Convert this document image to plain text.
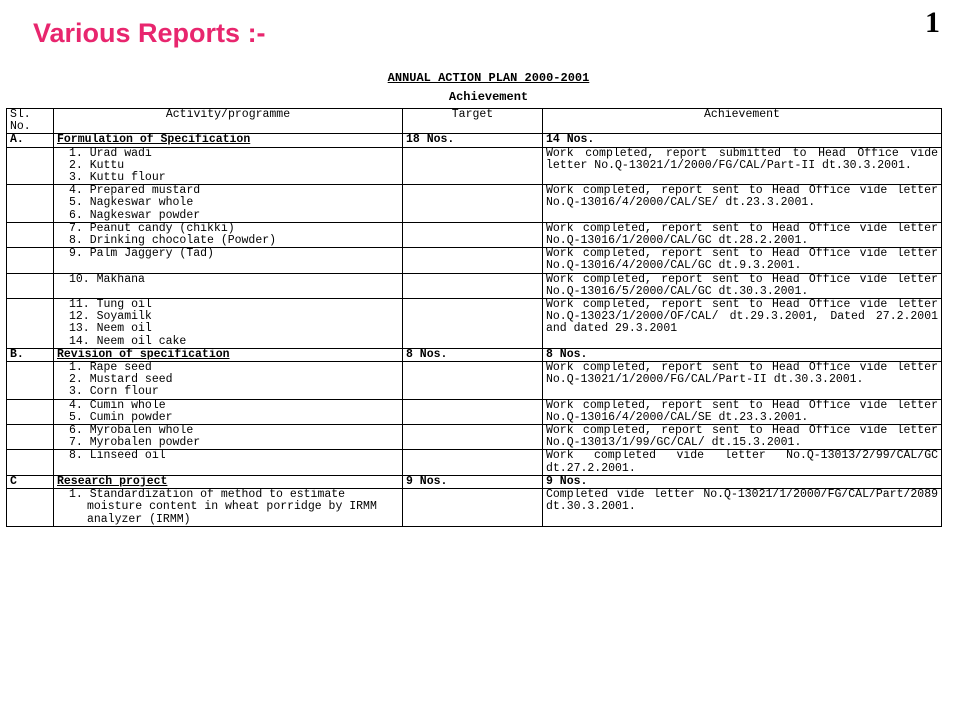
Various Reports :-	1
ANNUAL ACTION PLAN 2000-2001
Achievement
Sl. No.	Activity/programme	Target	Achievement
A.	Formulation of Specification	18 Nos.	14 Nos.

	1. Urad wadi
2. Kuttu
3. Kuttu flour		Work completed, report submitted to Head Office vide letter No.Q-13021/1/2000/FG/CAL/Part-II dt.30.3.2001.

	4. Prepared mustard
5. Nagkeswar whole
6. Nagkeswar powder		Work completed, report sent to Head Office vide letter No.Q-13016/4/2000/CAL/SE/ dt.23.3.2001.

	7. Peanut candy (chikki)
8. Drinking chocolate (Powder)		Work completed, report sent to Head Office vide letter No.Q-13016/1/2000/CAL/GC dt.28.2.2001.

	9. Palm Jaggery (Tad)		Work completed, report sent to Head Office vide letter No.Q-13016/4/2000/CAL/GC dt.9.3.2001.

	10. Makhana		Work completed, report sent to Head Office vide letter No.Q-13016/5/2000/CAL/GC dt.30.3.2001.

	11. Tung oil
12. Soyamilk
13. Neem oil
14. Neem oil cake		Work completed, report sent to Head Office vide letter No.Q-13023/1/2000/OF/CAL/ dt.29.3.2001, Dated 27.2.2001 and dated 29.3.2001
B.	Revision of specification	8 Nos.	8 Nos.

	1. Rape seed
2. Mustard seed
3. Corn flour		Work completed, report sent to Head Office vide letter No.Q-13021/1/2000/FG/CAL/Part-II dt.30.3.2001.

	4. Cumin whole
5. Cumin powder		Work completed, report sent to Head Office vide letter No.Q-13016/4/2000/CAL/SE dt.23.3.2001.

	6. Myrobalen whole
7. Myrobalen powder		Work completed, report sent to Head Office vide letter No.Q-13013/1/99/GC/CAL/ dt.15.3.2001.

	8. Linseed oil		Work completed vide letter No.Q-13013/2/99/CAL/GC dt.27.2.2001.
C	Research project	9 Nos.	9 Nos.

	1. Standardization of method to estimate moisture content in wheat porridge by IRMM analyzer (IRMM)		Completed vide letter No.Q-13021/1/2000/FG/CAL/Part/2089 dt.30.3.2001.
